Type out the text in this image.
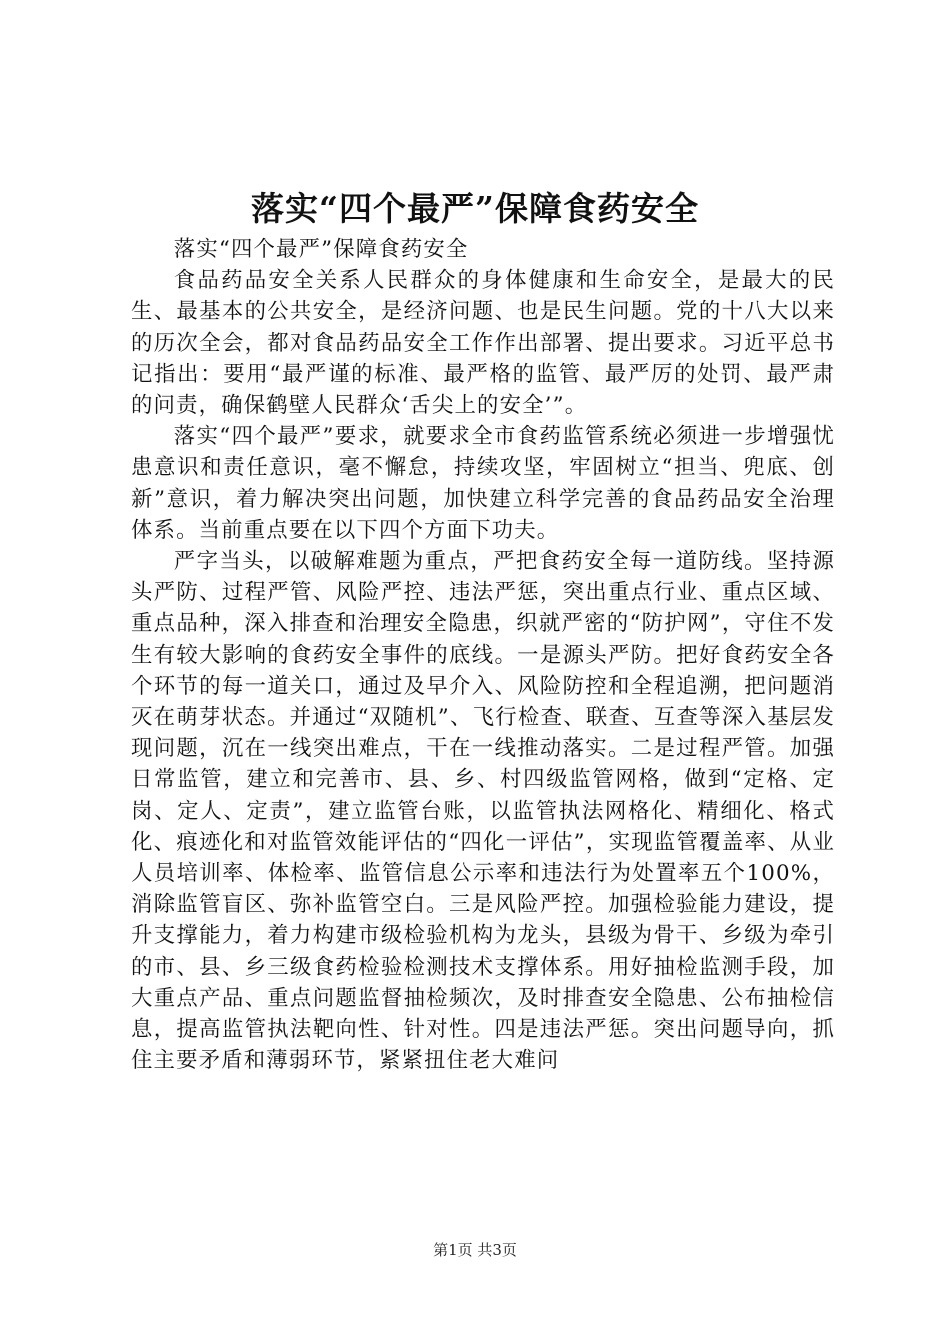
落实“四个最严”保障食药安全

落实“四个最严”保障食药安全

食品药品安全关系人民群众的身体健康和生命安全，是最大的民生、最基本的公共安全，是经济问题、也是民生问题。党的十八大以来的历次全会，都对食品药品安全工作作出部署、提出要求。习近平总书记指出：要用“最严谨的标准、最严格的监管、最严厉的处罚、最严肃的问责，确保鹤壁人民群众‘舌尖上的安全’”。

落实“四个最严”要求，就要求全市食药监管系统必须进一步增强忧患意识和责任意识，毫不懈怠，持续攻坚，牢固树立“担当、兜底、创新”意识，着力解决突出问题，加快建立科学完善的食品药品安全治理体系。当前重点要在以下四个方面下功夫。

严字当头，以破解难题为重点，严把食药安全每一道防线。坚持源头严防、过程严管、风险严控、违法严惩，突出重点行业、重点区域、重点品种，深入排查和治理安全隐患，织就严密的“防护网”，守住不发生有较大影响的食药安全事件的底线。一是源头严防。把好食药安全各个环节的每一道关口，通过及早介入、风险防控和全程追溯，把问题消灭在萌芽状态。并通过“双随机”、飞行检查、联查、互查等深入基层发现问题，沉在一线突出难点，干在一线推动落实。二是过程严管。加强日常监管，建立和完善市、县、乡、村四级监管网格，做到“定格、定岗、定人、定责”，建立监管台账，以监管执法网格化、精细化、格式化、痕迹化和对监管效能评估的“四化一评估”，实现监管覆盖率、从业人员培训率、体检率、监管信息公示率和违法行为处置率五个100%，消除监管盲区、弥补监管空白。三是风险严控。加强检验能力建设，提升支撑能力，着力构建市级检验机构为龙头，县级为骨干、乡级为牵引的市、县、乡三级食药检验检测技术支撑体系。用好抽检监测手段，加大重点产品、重点问题监督抽检频次，及时排查安全隐患、公布抽检信息，提高监管执法靶向性、针对性。四是违法严惩。突出问题导向，抓住主要矛盾和薄弱环节，紧紧扭住老大难问

第1页 共3页
